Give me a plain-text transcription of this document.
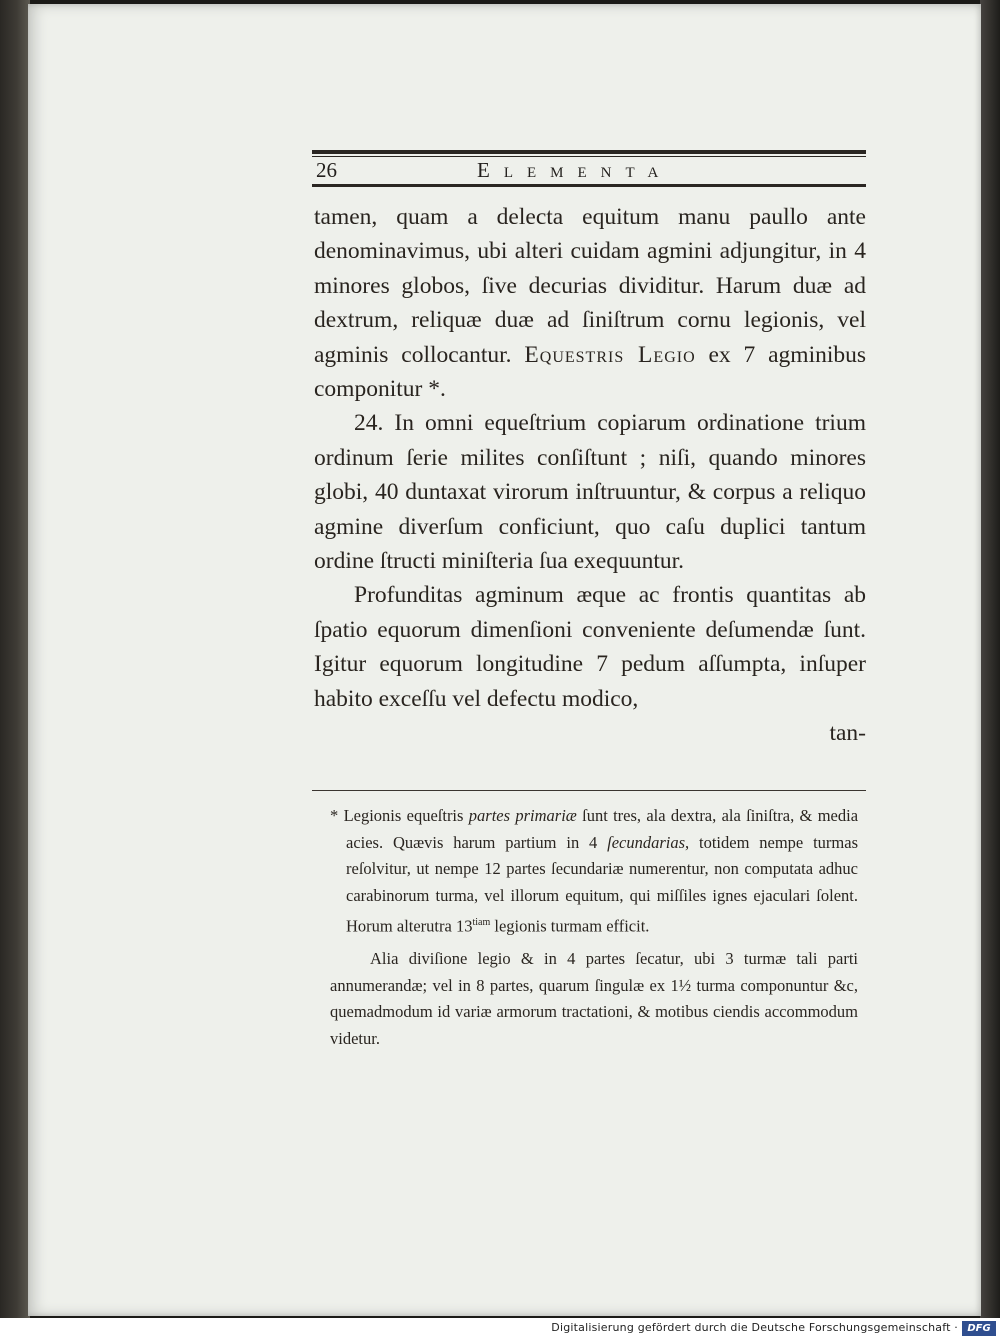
26	Elementa

tamen, quam a delecta equitum manu paullo ante denominavimus, ubi alteri cuidam agmini adjungitur, in 4 minores globos, ſive decurias dividitur. Harum duæ ad dextrum, reliquæ duæ ad ſiniſtrum cornu legionis, vel agminis collocantur. Equestris Legio ex 7 agminibus componitur *.

24. In omni equeſtrium copiarum ordinatione trium ordinum ſerie milites conſiſtunt ; niſi, quando minores globi, 40 duntaxat virorum inſtruuntur, & corpus a reliquo agmine diverſum conficiunt, quo caſu duplici tantum ordine ſtructi miniſteria ſua exequuntur.

Profunditas agminum æque ac frontis quantitas ab ſpatio equorum dimenſioni conveniente deſumendæ ſunt. Igitur equorum longitudine 7 pedum aſſumpta, inſuper habito exceſſu vel defectu modico,

tan-

* Legionis equeſtris partes primariæ ſunt tres, ala dextra, ala ſiniſtra, & media acies. Quævis harum partium in 4 ſecundarias, totidem nempe turmas reſolvitur, ut nempe 12 partes ſecundariæ numerentur, non computata adhuc carabinorum turma, vel illorum equitum, qui miſſiles ignes ejaculari ſolent. Horum alterutra $13^{tiam}$ legionis turmam efficit.

Alia diviſione legio & in 4 partes ſecatur, ubi 3 turmæ tali parti annumerandæ; vel in 8 partes, quarum ſingulæ ex 1½ turma componuntur &c, quemadmodum id variæ armorum tractationi, & motibus ciendis accommodum videtur.

Digitalisierung gefördert durch die Deutsche Forschungsgemeinschaft · DFG
